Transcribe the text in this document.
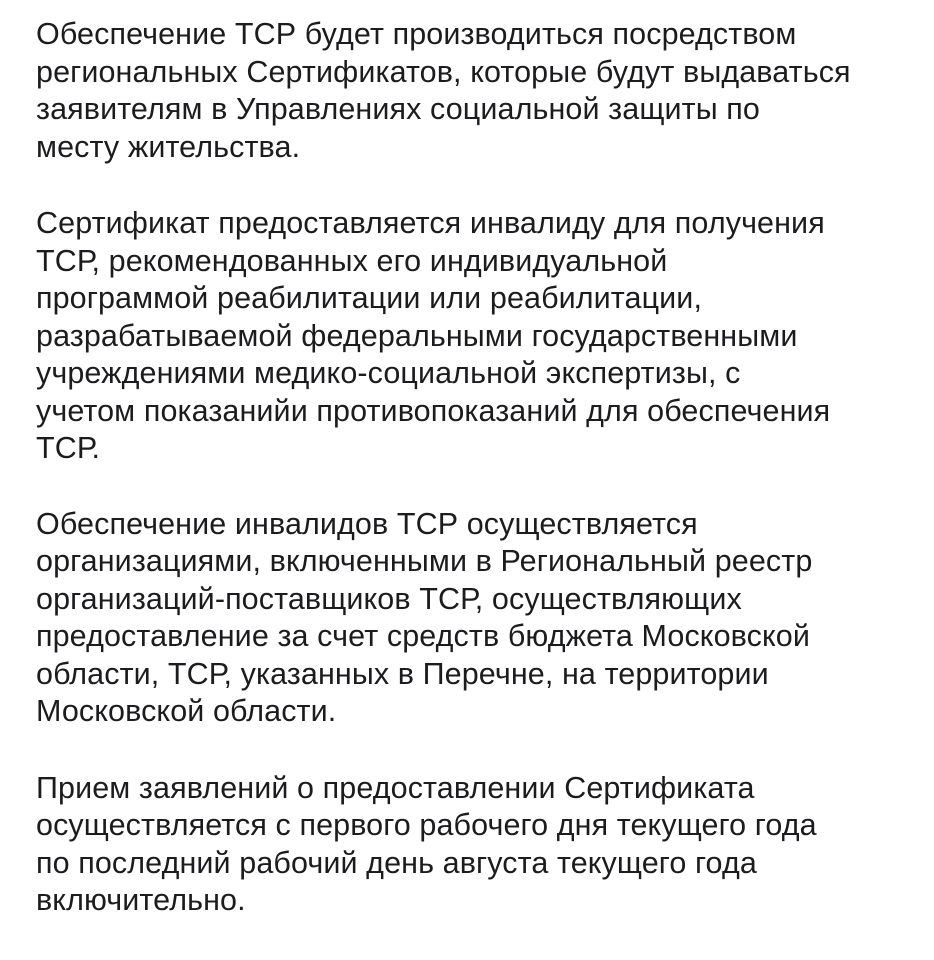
Обеспечение ТСР будет производиться посредством
региональных Сертификатов, которые будут выдаваться
заявителям в Управлениях социальной защиты по
месту жительства.
Сертификат предоставляется инвалиду для получения
ТСР, рекомендованных его индивидуальной
программой реабилитации или реабилитации,
разрабатываемой федеральными государственными
учреждениями медико-социальной экспертизы, с
учетом показанийи противопоказаний для обеспечения
ТСР.
Обеспечение инвалидов ТСР осуществляется
организациями, включенными в Региональный реестр
организаций-поставщиков ТСР, осуществляющих
предоставление за счет средств бюджета Московской
области, ТСР, указанных в Перечне, на территории
Московской области.
Прием заявлений о предоставлении Сертификата
осуществляется с первого рабочего дня текущего года
по последний рабочий день августа текущего года
включительно.
